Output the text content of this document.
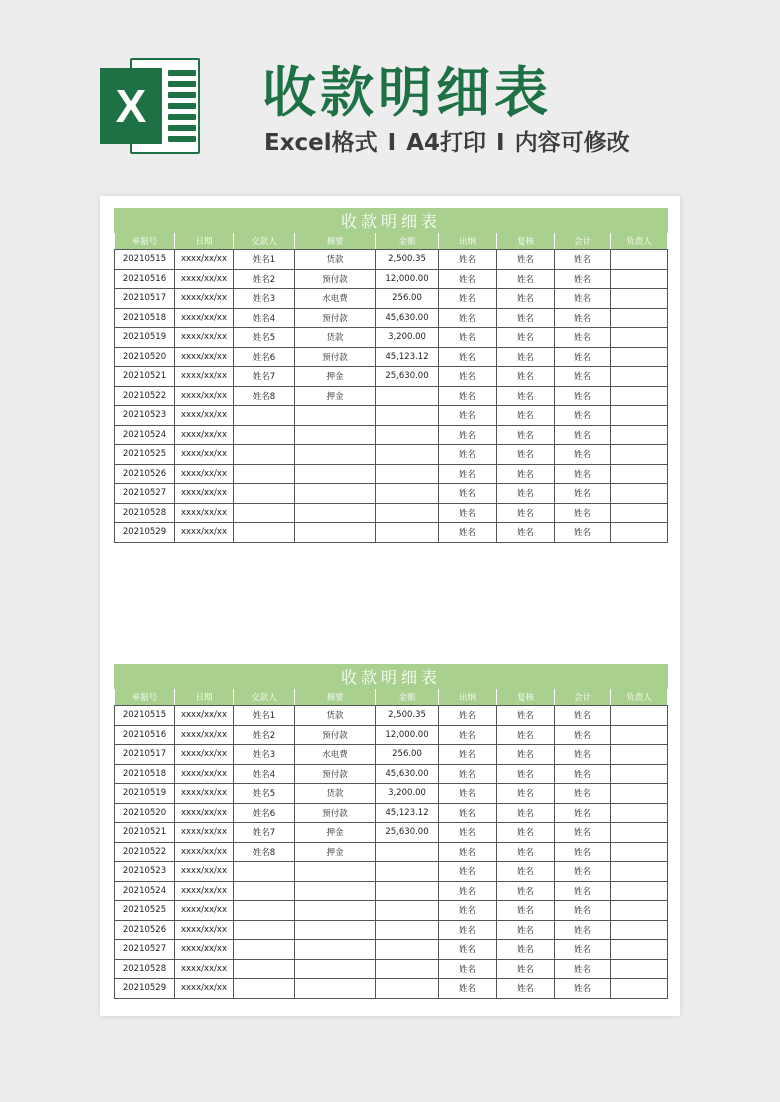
X 收款明细表
Excel格式 I A4打印 I 内容可修改
收款明细表								
单据号	日期	交款人	摘要	金额	出纳	复核	会计	负责人
20210515	xxxx/xx/xx	姓名1	货款	2,500.35	姓名	姓名	姓名	
20210516	xxxx/xx/xx	姓名2	预付款	12,000.00	姓名	姓名	姓名	
20210517	xxxx/xx/xx	姓名3	水电费	256.00	姓名	姓名	姓名	
20210518	xxxx/xx/xx	姓名4	预付款	45,630.00	姓名	姓名	姓名	
20210519	xxxx/xx/xx	姓名5	货款	3,200.00	姓名	姓名	姓名	
20210520	xxxx/xx/xx	姓名6	预付款	45,123.12	姓名	姓名	姓名	
20210521	xxxx/xx/xx	姓名7	押金	25,630.00	姓名	姓名	姓名	
20210522	xxxx/xx/xx	姓名8	押金		姓名	姓名	姓名	
20210523	xxxx/xx/xx				姓名	姓名	姓名	
20210524	xxxx/xx/xx				姓名	姓名	姓名	
20210525	xxxx/xx/xx				姓名	姓名	姓名	
20210526	xxxx/xx/xx				姓名	姓名	姓名	
20210527	xxxx/xx/xx				姓名	姓名	姓名	
20210528	xxxx/xx/xx				姓名	姓名	姓名	
20210529	xxxx/xx/xx				姓名	姓名	姓名	
收款明细表								
单据号	日期	交款人	摘要	金额	出纳	复核	会计	负责人
20210515	xxxx/xx/xx	姓名1	货款	2,500.35	姓名	姓名	姓名	
20210516	xxxx/xx/xx	姓名2	预付款	12,000.00	姓名	姓名	姓名	
20210517	xxxx/xx/xx	姓名3	水电费	256.00	姓名	姓名	姓名	
20210518	xxxx/xx/xx	姓名4	预付款	45,630.00	姓名	姓名	姓名	
20210519	xxxx/xx/xx	姓名5	货款	3,200.00	姓名	姓名	姓名	
20210520	xxxx/xx/xx	姓名6	预付款	45,123.12	姓名	姓名	姓名	
20210521	xxxx/xx/xx	姓名7	押金	25,630.00	姓名	姓名	姓名	
20210522	xxxx/xx/xx	姓名8	押金		姓名	姓名	姓名	
20210523	xxxx/xx/xx				姓名	姓名	姓名	
20210524	xxxx/xx/xx				姓名	姓名	姓名	
20210525	xxxx/xx/xx				姓名	姓名	姓名	
20210526	xxxx/xx/xx				姓名	姓名	姓名	
20210527	xxxx/xx/xx				姓名	姓名	姓名	
20210528	xxxx/xx/xx				姓名	姓名	姓名	
20210529	xxxx/xx/xx				姓名	姓名	姓名	
